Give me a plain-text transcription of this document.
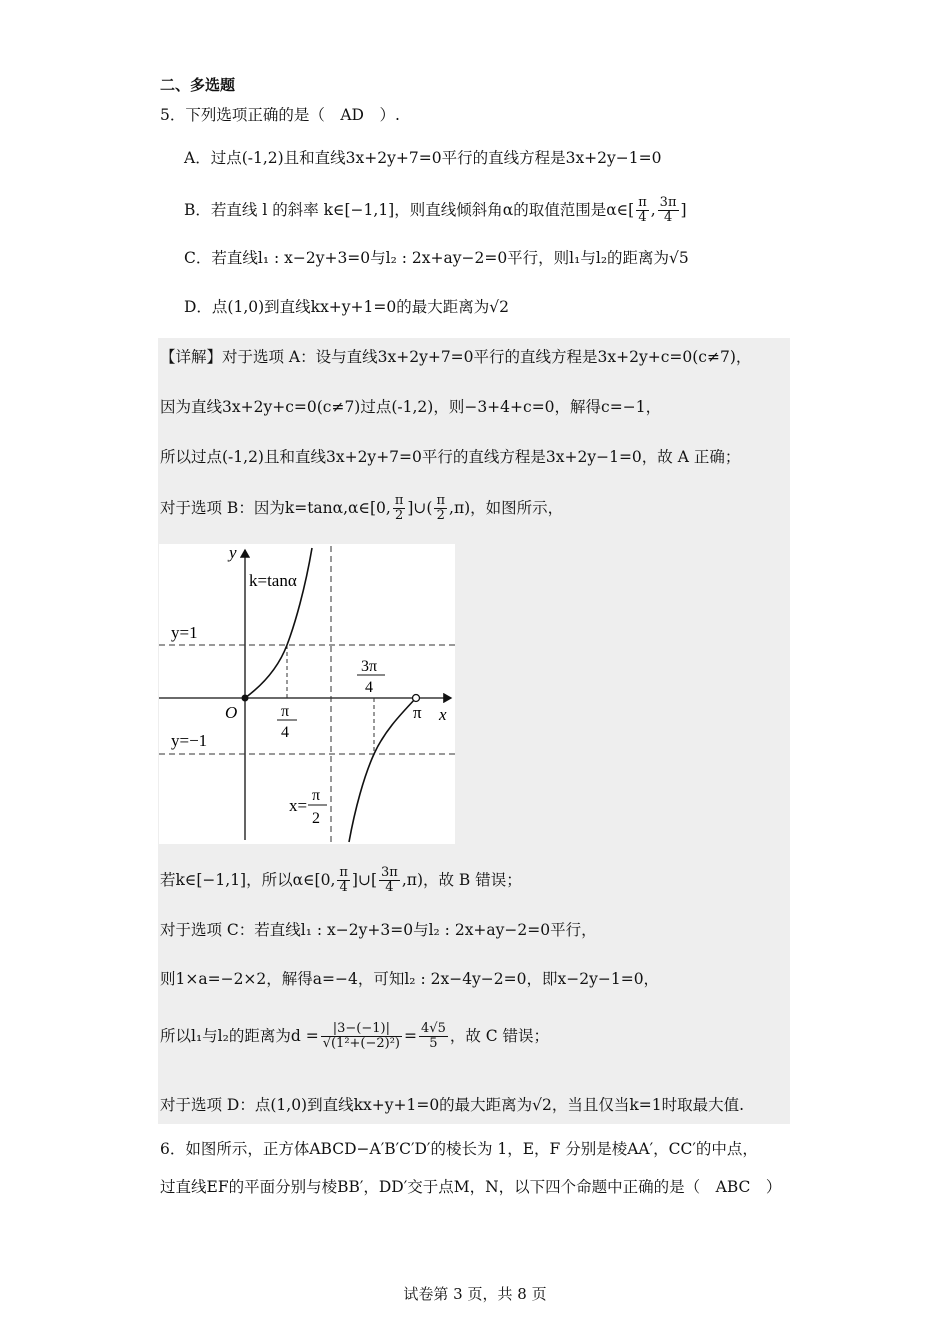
二、多选题
5．下列选项正确的是（　AD　）.
A．过点(-1,2)且和直线3x+2y+7=0平行的直线方程是3x+2y−1=0
B．若直线 l 的斜率 k∈[−1,1]，则直线倾斜角α的取值范围是α∈[ $\frac{\pi}{4}$ , $\frac{3\pi}{4}$ ]
C．若直线l₁ : x−2y+3=0与l₂ : 2x+ay−2=0平行，则l₁与l₂的距离为√5
D．点(1,0)到直线kx+y+1=0的最大距离为√2
【详解】对于选项 A：设与直线3x+2y+7=0平行的直线方程是3x+2y+c=0(c≠7)，
因为直线3x+2y+c=0(c≠7)过点(-1,2)，则−3+4+c=0，解得c=−1，
所以过点(-1,2)且和直线3x+2y+7=0平行的直线方程是3x+2y−1=0，故 A 正确；
对于选项 B：因为k=tanα,α∈[0, $\frac{\pi}{2}$ ]∪( $\frac{\pi}{2} ,\pi$)，如图所示，
y
x
k=tanα
y=1
y=−1
O	π
π
4
3π
4
x=
π
2
若k∈[−1,1]，所以α∈[0, $\frac{\pi}{4}$ ]∪[ $\frac{3\pi}{4} ,\pi$)，故 B 错误；
对于选项 C：若直线l₁ : x−2y+3=0与l₂ : 2x+ay−2=0平行，
则1×a=−2×2，解得a=−4，可知l₂ : 2x−4y−2=0，即x−2y−1=0，
所以l₁与l₂的距离为$d = \frac{|3-(-1)|}{\text{√(1²+(−2)²)}} = \frac{4√5}{5}$ ，故 C 错误；
对于选项 D：点(1,0)到直线kx+y+1=0的最大距离为√2，当且仅当k=1时取最大值.
6．如图所示，正方体ABCD−A′B′C′D′的棱长为 1，E，F 分别是棱AA′，CC′的中点，
过直线EF的平面分别与棱BB′，DD′交于点M，N，以下四个命题中正确的是（　ABC　）
试卷第 3 页，共 8 页
